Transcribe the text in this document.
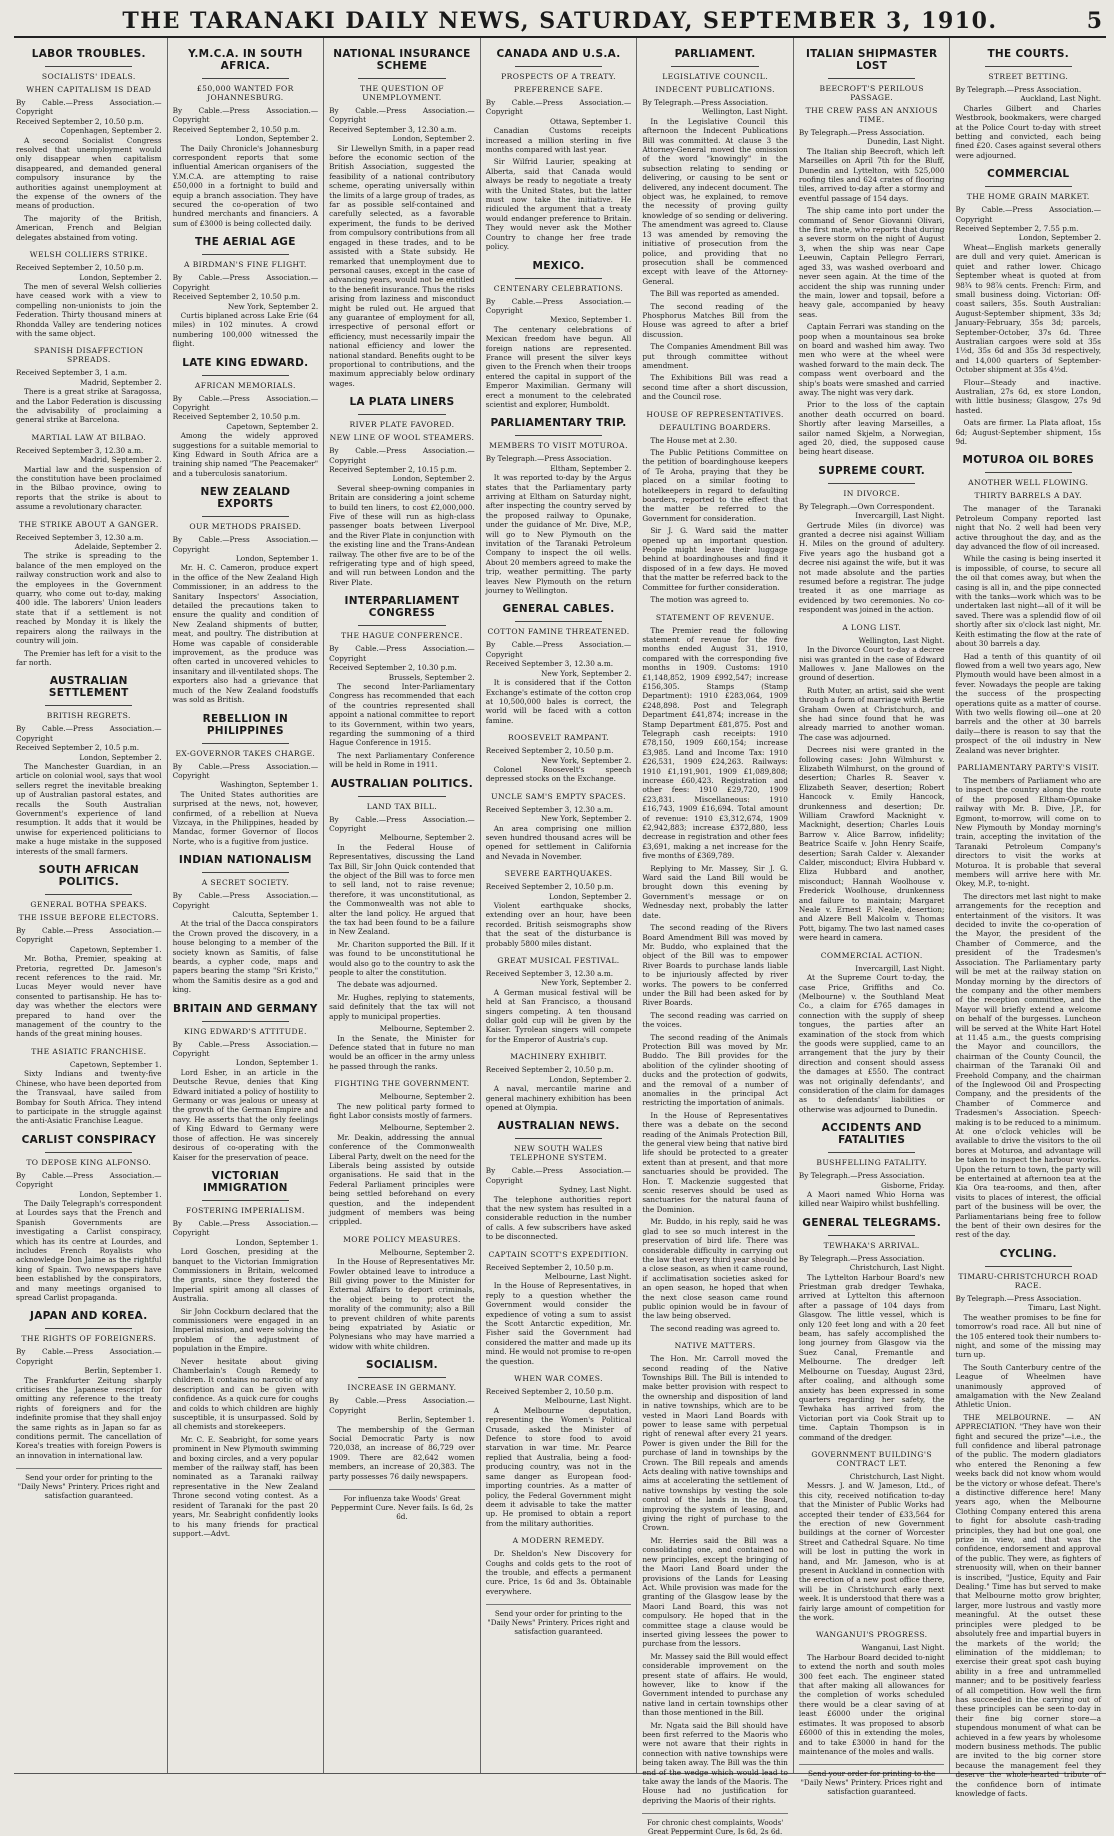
THE TARANAKI DAILY NEWS, SATURDAY, SEPTEMBER 3, 1910.	5
LABOR TROUBLES.
SOCIALISTS' IDEALS.
WHEN CAPITALISM IS DEAD

By Cable.—Press Association.—Copyright

Received September 2, 10.50 p.m.

Copenhagen, September 2.

A second Socialist Congress resolved that unemployment would only disappear when capitalism disappeared, and demanded general compulsory insurance by the authorities against unemployment at the expense of the owners of the means of production.

The majority of the British, American, French and Belgian delegates abstained from voting.

WELSH COLLIERS STRIKE.

Received September 2, 10.50 p.m.

London, September 2.

The men of several Welsh collieries have ceased work with a view to compelling non-unionists to join the Federation. Thirty thousand miners at Rhondda Valley are tendering notices with the same object.

SPANISH DISAFFECTION SPREADS.

Received September 3, 1 a.m.

Madrid, September 2.

There is a great strike at Saragossa, and the Labor Federation is discussing the advisability of proclaiming a general strike at Barcelona.

MARTIAL LAW AT BILBAO.

Received September 3, 12.30 a.m.

Madrid, September 2.

Martial law and the suspension of the constitution have been proclaimed in the Bilbao province, owing to reports that the strike is about to assume a revolutionary character.

THE STRIKE ABOUT A GANGER.

Received September 3, 12.30 a.m.

Adelaide, September 2.

The strike is spreading to the balance of the men employed on the railway construction work and also to the employees in the Government quarry, who come out to-day, making 400 idle. The laborers' Union leaders state that if a settlement is not reached by Monday it is likely the repairers along the railways in the country will join.

The Premier has left for a visit to the far north.

AUSTRALIAN SETTLEMENT
BRITISH REGRETS.

By Cable.—Press Association.—Copyright

Received September 2, 10.5 p.m.

London, September 2.

The Manchester Guardian, in an article on colonial wool, says that wool sellers regret the inevitable breaking up of Australian pastoral estates, and recalls the South Australian Government's experience of land resumption. It adds that it would be unwise for experienced politicians to make a huge mistake in the supposed interests of the small farmers.

SOUTH AFRICAN POLITICS.
GENERAL BOTHA SPEAKS.
THE ISSUE BEFORE ELECTORS.

By Cable.—Press Association.—Copyright

Capetown, September 1.

Mr. Botha, Premier, speaking at Pretoria, regretted Dr. Jameson's recent references to the raid. Mr. Lucas Meyer would never have consented to partisanship. He has to-day was whether the electors were prepared to hand over the management of the country to the hands of the great mining houses.

THE ASIATIC FRANCHISE.

Capetown, September 1.

Sixty Indians and twenty-five Chinese, who have been deported from the Transvaal, have sailed from Bombay for South Africa. They intend to participate in the struggle against the anti-Asiatic Franchise League.

CARLIST CONSPIRACY
TO DEPOSE KING ALFONSO.

By Cable.—Press Association.—Copyright

London, September 1.

The Daily Telegraph's correspondent at Lourdes says that the French and Spanish Governments are investigating a Carlist conspiracy, which has its centre at Lourdes, and includes French Royalists who acknowledge Don Jaime as the rightful king of Spain. Two newspapers have been established by the conspirators, and many meetings organised to spread Carlist propaganda.

JAPAN AND KOREA.
THE RIGHTS OF FOREIGNERS.

By Cable.—Press Association.—Copyright

Berlin, September 1.

The Frankfurter Zeitung sharply criticises the Japanese rescript for omitting any reference to the treaty rights of foreigners and for the indefinite promise that they shall enjoy the same rights as in Japan so far as conditions permit. The cancellation of Korea's treaties with foreign Powers is an innovation in international law.

Send your order for printing to the "Daily News" Printery. Prices right and satisfaction guaranteed.
Y.M.C.A. IN SOUTH AFRICA.
£50,000 WANTED FOR JOHANNESBURG.

By Cable.—Press Association.—Copyright

Received September 2, 10.50 p.m.

London, September 2.

The Daily Chronicle's Johannesburg correspondent reports that some influential American organisers of the Y.M.C.A. are attempting to raise £50,000 in a fortnight to build and equip a branch association. They have secured the co-operation of two hundred merchants and financiers. A sum of £3000 is being collected daily.

THE AERIAL AGE
A BIRDMAN'S FINE FLIGHT.

By Cable.—Press Association.—Copyright

Received September 2, 10.50 p.m.

New York, September 2.

Curtis biplaned across Lake Erie (64 miles) in 102 minutes. A crowd numbering 100,000 witnessed the flight.

LATE KING EDWARD.
AFRICAN MEMORIALS.

By Cable.—Press Association.—Copyright

Received September 2, 10.50 p.m.

Capetown, September 2.

Among the widely approved suggestions for a suitable memorial to King Edward in South Africa are a training ship named "The Peacemaker" and a tuberculosis sanatorium.

NEW ZEALAND EXPORTS
OUR METHODS PRAISED.

By Cable.—Press Association.—Copyright

London, September 1.

Mr. H. C. Cameron, produce expert in the office of the New Zealand High Commissioner, in an address to the Sanitary Inspectors' Association, detailed the precautions taken to ensure the quality and condition of New Zealand shipments of butter, meat, and poultry. The distribution at Home was capable of considerable improvement, as the produce was often carted in uncovered vehicles to insanitary and ill-ventilated shops. The exporters also had a grievance that much of the New Zealand foodstuffs was sold as British.

REBELLION IN PHILIPPINES
EX-GOVERNOR TAKES CHARGE.

By Cable.—Press Association.—Copyright

Washington, September 1.

The United States authorities are surprised at the news, not, however, confirmed, of a rebellion at Nueva Vizcaya, in the Philippines, headed by Mandac, former Governor of Ilocos Norte, who is a fugitive from justice.

INDIAN NATIONALISM
A SECRET SOCIETY.

By Cable.—Press Association.—Copyright

Calcutta, September 1.

At the trial of the Dacca conspirators the Crown proved the discovery, in a house belonging to a member of the society known as Samitis, of false beards, a cypher code, maps and papers bearing the stamp "Sri Kristo," whom the Samitis desire as a god and king.

BRITAIN AND GERMANY
KING EDWARD'S ATTITUDE.

By Cable.—Press Association.—Copyright

London, September 1.

Lord Esher, in an article in the Deutsche Revue, denies that King Edward initiated a policy of hostility to Germany or was jealous or uneasy at the growth of the German Empire and navy. He asserts that the only feelings of King Edward to Germany were those of affection. He was sincerely desirous of co-operating with the Kaiser for the preservation of peace.

VICTORIAN IMMIGRATION
FOSTERING IMPERIALISM.

By Cable.—Press Association.—Copyright

London, September 1.

Lord Goschen, presiding at the banquet to the Victorian Immigration Commissioners in Britain, welcomed the grants, since they fostered the Imperial spirit among all classes of Australia.

Sir John Cockburn declared that the commissioners were engaged in an Imperial mission, and were solving the problem of the adjustment of population in the Empire.

Never hesitate about giving Chamberlain's Cough Remedy to children. It contains no narcotic of any description and can be given with confidence. As a quick cure for coughs and colds to which children are highly susceptible, it is unsurpassed. Sold by all chemists and storekeepers.

Mr. C. E. Seabright, for some years prominent in New Plymouth swimming and boxing circles, and a very popular member of the railway staff, has been nominated as a Taranaki railway representative in the New Zealand Throne second voting contest. As a resident of Taranaki for the past 20 years, Mr. Seabright confidently looks to his many friends for practical support.—Advt.

NATIONAL INSURANCE SCHEME
THE QUESTION OF UNEMPLOYMENT.

By Cable.—Press Association.—Copyright

Received September 3, 12.30 a.m.

London, September 2.

Sir Llewellyn Smith, in a paper read before the economic section of the British Association, suggested the feasibility of a national contributory scheme, operating universally within the limits of a large group of trades, as far as possible self-contained and carefully selected, as a favorable experiment, the funds to be derived from compulsory contributions from all engaged in these trades, and to be assisted with a State subsidy. He remarked that unemployment due to personal causes, except in the case of advancing years, would not be entitled to the benefit insurance. Thus the risks arising from laziness and misconduct might be ruled out. He argued that any guarantee of employment for all, irrespective of personal effort or efficiency, must necessarily impair the national efficiency and lower the national standard. Benefits ought to be proportional to contributions, and the maximum appreciably below ordinary wages.

LA PLATA LINERS
RIVER PLATE FAVORED.
NEW LINE OF WOOL STEAMERS.

By Cable.—Press Association.—Copyright

Received September 2, 10.15 p.m.

London, September 2.

Several sheep-owning companies in Britain are considering a joint scheme to build ten liners, to cost £2,000,000. Five of these will run as high-class passenger boats between Liverpool and the River Plate in conjunction with the existing line and the Trans-Andean railway. The other five are to be of the refrigerating type and of high speed, and will run between London and the River Plate.

INTERPARLIAMENT CONGRESS
THE HAGUE CONFERENCE.

By Cable.—Press Association.—Copyright

Received September 2, 10.30 p.m.

Brussels, September 2.

The second Inter-Parliamentary Congress has recommended that each of the countries represented shall appoint a national committee to report to its Government, within two years, regarding the summoning of a third Hague Conference in 1915.

The next Parliamentary Conference will be held in Rome in 1911.

AUSTRALIAN POLITICS.
LAND TAX BILL.

By Cable.—Press Association.—Copyright

Melbourne, September 2.

In the Federal House of Representatives, discussing the Land Tax Bill, Sir John Quick contended that the object of the Bill was to force men to sell land, not to raise revenue; therefore, it was unconstitutional, as the Commonwealth was not able to alter the land policy. He argued that the tax had been found to be a failure in New Zealand.

Mr. Chariton supported the Bill. If it was found to be unconstitutional he would also go to the country to ask the people to alter the constitution.

The debate was adjourned.

Mr. Hughes, replying to statements, said definitely that the tax will not apply to municipal properties.

Melbourne, September 2.

In the Senate, the Minister for Defence stated that in future no man would be an officer in the army unless he passed through the ranks.

FIGHTING THE GOVERNMENT.

Melbourne, September 2.

The new political party formed to fight Labor consists mostly of farmers.

Melbourne, September 2.

Mr. Deakin, addressing the annual conference of the Commonwealth Liberal Party, dwelt on the need for the Liberals being assisted by outside organisations. He said that in the Federal Parliament principles were being settled beforehand on every question, and the independent judgment of members was being crippled.

MORE POLICY MEASURES.

Melbourne, September 2.

In the House of Representatives Mr. Fowler obtained leave to introduce a Bill giving power to the Minister for External Affairs to deport criminals, the object being to protect the morality of the community; also a Bill to prevent children of white parents being expatriated by Asiatic or Polynesians who may have married a widow with white children.

SOCIALISM.
INCREASE IN GERMANY.

By Cable.—Press Association.—Copyright

Berlin, September 1.

The membership of the German Social Democratic Party is now 720,038, an increase of 86,729 over 1909. There are 82,642 women members, an increase of 20,383. The party possesses 76 daily newspapers.

For influenza take Woods' Great Peppermint Cure. Never fails. Is 6d, 2s 6d.
CANADA AND U.S.A.
PROSPECTS OF A TREATY.
PREFERENCE SAFE.

By Cable.—Press Association.—Copyright

Ottawa, September 1.

Canadian Customs receipts increased a million sterling in five months compared with last year.

Sir Wilfrid Laurier, speaking at Alberta, said that Canada would always be ready to negotiate a treaty with the United States, but the latter must now take the initiative. He ridiculed the argument that a treaty would endanger preference to Britain. They would never ask the Mother Country to change her free trade policy.

MEXICO.
CENTENARY CELEBRATIONS.

By Cable.—Press Association.—Copyright

Mexico, September 1.

The centenary celebrations of Mexican freedom have begun. All foreign nations are represented. France will present the silver keys given to the French when their troops entered the capital in support of the Emperor Maximilian. Germany will erect a monument to the celebrated scientist and explorer, Humboldt.

PARLIAMENTARY TRIP.
MEMBERS TO VISIT MOTUROA.

By Telegraph.—Press Association.

Eltham, September 2.

It was reported to-day by the Argus states that the Parliamentary party arriving at Eltham on Saturday night, after inspecting the country served by the proposed railway to Opunake, under the guidance of Mr. Dive, M.P., will go to New Plymouth on the invitation of the Taranaki Petroleum Company to inspect the oil wells. About 20 members agreed to make the trip, weather permitting. The party leaves New Plymouth on the return journey to Wellington.

GENERAL CABLES.
COTTON FAMINE THREATENED.

By Cable.—Press Association.—Copyright

Received September 3, 12.30 a.m.

New York, September 2.

It is considered that if the Cotton Exchange's estimate of the cotton crop at 10,500,000 bales is correct, the world will be faced with a cotton famine.

ROOSEVELT RAMPANT.

Received September 2, 10.50 p.m.

New York, September 2.

Colonel Roosevelt's speech depressed stocks on the Exchange.

UNCLE SAM'S EMPTY SPACES.

Received September 3, 12.30 a.m.

New York, September 2.

An area comprising one million seven hundred thousand acres will be opened for settlement in California and Nevada in November.

SEVERE EARTHQUAKES.

Received September 2, 10.50 p.m.

London, September 2.

Violent earthquake shocks, extending over an hour, have been recorded. British seismographs show that the seat of the disturbance is probably 5800 miles distant.

GREAT MUSICAL FESTIVAL.

Received September 3, 12.30 a.m.

New York, September 2.

A German musical festival will be held at San Francisco, a thousand singers competing. A ten thousand dollar gold cup will be given by the Kaiser. Tyrolean singers will compete for the Emperor of Austria's cup.

MACHINERY EXHIBIT.

Received September 2, 10.50 p.m.

London, September 2.

A naval, mercantile marine and general machinery exhibition has been opened at Olympia.

AUSTRALIAN NEWS.
NEW SOUTH WALES TELEPHONE SYSTEM.

By Cable.—Press Association.—Copyright

Sydney, Last Night.

The telephone authorities report that the new system has resulted in a considerable reduction in the number of calls. A few subscribers have asked to be disconnected.

CAPTAIN SCOTT'S EXPEDITION.

Received September 2, 10.50 p.m.

Melbourne, Last Night.

In the House of Representatives, in reply to a question whether the Government would consider the expedience of voting a sum to assist the Scott Antarctic expedition, Mr. Fisher said the Government had considered the matter and made up its mind. He would not promise to re-open the question.

WHEN WAR COMES.

Received September 2, 10.50 p.m.

Melbourne, Last Night.

A Melbourne deputation, representing the Women's Political Crusade, asked the Minister of Defence to store food to avoid starvation in war time. Mr. Pearce replied that Australia, being a food-producing country, was not in the same danger as European food-importing countries. As a matter of policy, the Federal Government might deem it advisable to take the matter up. He promised to obtain a report from the military authorities.

A MODERN REMEDY.

Dr. Sheldon's New Discovery for Coughs and colds gets to the root of the trouble, and effects a permanent cure. Price, 1s 6d and 3s. Obtainable everywhere.

Send your order for printing to the "Daily News" Printery. Prices right and satisfaction guaranteed.
PARLIAMENT.
LEGISLATIVE COUNCIL.
INDECENT PUBLICATIONS.

By Telegraph.—Press Association.

Wellington, Last Night.

In the Legislative Council this afternoon the Indecent Publications Bill was committed. At clause 3 the Attorney-General moved the omission of the word "knowingly" in the subsection relating to sending or delivering, or causing to be sent or delivered, any indecent document. The object was, he explained, to remove the necessity of proving guilty knowledge of so sending or delivering. The amendment was agreed to. Clause 13 was amended by removing the initiative of prosecution from the police, and providing that no prosecution shall be commenced except with leave of the Attorney-General.

The Bill was reported as amended.

The second reading of the Phosphorus Matches Bill from the House was agreed to after a brief discussion.

The Companies Amendment Bill was put through committee without amendment.

The Exhibitions Bill was read a second time after a short discussion, and the Council rose.

HOUSE OF REPRESENTATIVES.
DEFAULTING BOARDERS.

The House met at 2.30.

The Public Petitions Committee on the petition of boardinghouse keepers of Te Aroha, praying that they be placed on a similar footing to hotelkeepers in regard to defaulting boarders, reported to the effect that the matter be referred to the Government for consideration.

Sir J. G. Ward said the matter opened up an important question. People might leave their luggage behind at boardinghouses and find it disposed of in a few days. He moved that the matter be referred back to the Committee for further consideration.

The motion was agreed to.

STATEMENT OF REVENUE.

The Premier read the following statement of revenue for the five months ended August 31, 1910, compared with the corresponding five months in 1909. Customs: 1910 £1,148,852, 1909 £992,547; increase £156,305. Stamps (Stamp Department): 1910 £283,064, 1909 £248,898. Post and Telegraph Department £41,874; increase in the Stamp Department £81,875. Post and Telegraph cash receipts: 1910 £78,150, 1909 £60,154; increase £3,985. Land and Income Tax: 1910 £26,531, 1909 £24,263. Railways: 1910 £1,191,901, 1909 £1,089,808; increase £60,423. Registration and other fees: 1910 £29,720, 1909 £23,831. Miscellaneous: 1910 £16,743, 1909 £16,694. Total amount of revenue: 1910 £3,312,674, 1909 £2,942,883; increase £372,880, less decrease in registration and other fees £3,691, making a net increase for the five months of £369,789.

Replying to Mr. Massey, Sir J. G. Ward said the Land Bill would be brought down this evening by Government's message or on Wednesday next, probably the latter date.

The second reading of the Rivers Board Amendment Bill was moved by Mr. Buddo, who explained that the object of the Bill was to empower River Boards to purchase lands liable to be injuriously affected by river works. The powers to be conferred under the Bill had been asked for by River Boards.

The second reading was carried on the voices.

The second reading of the Animals Protection Bill was moved by Mr. Buddo. The Bill provides for the abolition of the cylinder shooting of ducks and the protection of godwits, and the removal of a number of anomalies in the principal Act restricting the importation of animals.

In the House of Representatives there was a debate on the second reading of the Animals Protection Bill, the general view being that native bird life should be protected to a greater extent than at present, and that more sanctuaries should be provided. The Hon. T. Mackenzie suggested that scenic reserves should be used as sanctuaries for the natural fauna of the Dominion.

Mr. Buddo, in his reply, said he was glad to see so much interest in the preservation of bird life. There was considerable difficulty in carrying out the law that every third year should be a close season, as when it came round, if acclimatisation societies asked for an open season, he hoped that when the next close season came round public opinion would be in favour of the law being observed.

The second reading was agreed to.

NATIVE MATTERS.

The Hon. Mr. Carroll moved the second reading of the Native Townships Bill. The Bill is intended to make better provision with respect to the ownership and disposition of land in native townships, which are to be vested in Maori Land Boards with power to lease same with perpetual right of renewal after every 21 years. Power is given under the Bill for the purchase of land in townships by the Crown. The Bill repeals and amends Acts dealing with native townships and aims at accelerating the settlement of native townships by vesting the sole control of the lands in the Board, improving the system of leasing, and giving the right of purchase to the Crown.

Mr. Herries said the Bill was a consolidating one, and contained no new principles, except the bringing of the Maori Land Board under the provisions of the Lands for Leasing Act. While provision was made for the granting of the Glasgow lease by the Maori Land Board, this was not compulsory. He hoped that in the committee stage a clause would be inserted giving lessees the power to purchase from the lessors.

Mr. Massey said the Bill would effect considerable improvement on the present state of affairs. He would, however, like to know if the Government intended to purchase any native land in certain townships other than those mentioned in the Bill.

Mr. Ngata said the Bill should have been first referred to the Maoris who were not aware that their rights in connection with native townships were being taken away. The Bill was the thin end of the wedge which would lead to take away the lands of the Maoris. The House had no justification for depriving the Maoris of their rights.

For chronic chest complaints, Woods' Great Peppermint Cure, Is 6d, 2s 6d.
ITALIAN SHIPMASTER LOST
BEECROFT'S PERILOUS PASSAGE.
THE CREW PASS AN ANXIOUS TIME.

By Telegraph.—Press Association.

Dunedin, Last Night.

The Italian ship Beecroft, which left Marseilles on April 7th for the Bluff, Dunedin and Lyttelton, with 525,000 roofing tiles and 624 crates of flooring tiles, arrived to-day after a stormy and eventful passage of 154 days.

The ship came into port under the command of Senor Giovanni Olivari, the first mate, who reports that during a severe storm on the night of August 3, when the ship was near Cape Leeuwin, Captain Pellegro Ferrari, aged 33, was washed overboard and never seen again. At the time of the accident the ship was running under the main, lower and topsail, before a heavy gale, accompanied by heavy seas.

Captain Ferrari was standing on the poop when a mountainous sea broke on board and washed him away. Two men who were at the wheel were washed forward to the main deck. The compass went overboard and the ship's boats were smashed and carried away. The night was very dark.

Prior to the loss of the captain another death occurred on board. Shortly after leaving Marseilles, a sailor named Skjelm, a Norwegian, aged 20, died, the supposed cause being heart disease.

SUPREME COURT.
IN DIVORCE.

By Telegraph.—Own Correspondent.

Invercargill, Last Night.

Gertrude Miles (in divorce) was granted a decree nisi against William H. Miles on the ground of adultery. Five years ago the husband got a decree nisi against the wife, but it was not made absolute and the parties resumed before a registrar. The judge treated it as one marriage as evidenced by two ceremonies. No co-respondent was joined in the action.

A LONG LIST.

Wellington, Last Night.

In the Divorce Court to-day a decree nisi was granted in the case of Edward Mallowes v. Jane Mallowes on the ground of desertion.

Ruth Muter, an artist, said she went through a form of marriage with Bertie Graham Owen at Christchurch, and she had since found that he was already married to another woman. The case was adjourned.

Decrees nisi were granted in the following cases: John Wilmhurst v. Elizabeth Wilmhurst, on the ground of desertion; Charles R. Seaver v. Elizabeth Seaver, desertion; Robert Hancock v. Emily Hancock, drunkenness and desertion; Dr. William Crawford Macknight v. Macknight, desertion; Charles Louis Barrow v. Alice Barrow, infidelity; Beatrice Scaife v. John Henry Scaife, desertion; Sarah Calder v. Alexander Calder, misconduct; Elvira Hubbard v. Eliza Hubbard and another, misconduct; Hannah Woolhouse v. Frederick Woolhouse, drunkenness and failure to maintain; Margaret Neale v. Ernest F. Neale, desertion; and Alzere Bell Malcolm v. Thomas Pott, bigamy. The two last named cases were heard in camera.

COMMERCIAL ACTION.

Invercargill, Last Night.

At the Supreme Court to-day, the case Price, Griffiths and Co. (Melbourne) v. the Southland Meat Co., a claim for £765 damages in connection with the supply of sheep tongues, the parties after an examination of the stock from which the goods were supplied, came to an arrangement that the jury by their direction and consent should assess the damages at £550. The contract was not originally defendants', and consideration of the claim for damages as to defendants' liabilities or otherwise was adjourned to Dunedin.

ACCIDENTS AND FATALITIES
BUSHFELLING FATALITY.

By Telegraph.—Press Association.

Gisborne, Friday.

A Maori named Whio Horna was killed near Waipiro whilst bushfelling.

GENERAL TELEGRAMS.
TEWHAKA'S ARRIVAL.

By Telegraph.—Press Association.

Christchurch, Last Night.

The Lyttelton Harbour Board's new Priestman grab dredger Tewhaka, arrived at Lyttelton this afternoon after a passage of 104 days from Glasgow. The little vessel, which is only 120 feet long and with a 20 feet beam, has safely accomplished the long journey from Glasgow via the Suez Canal, Fremantle and Melbourne. The dredger left Melbourne on Tuesday, August 23rd, after coaling, and although some anxiety has been expressed in some quarters regarding her safety, the Tewhaka has arrived from the Victorian port via Cook Strait up to time. Captain Thompson is in command of the dredger.

GOVERNMENT BUILDING'S CONTRACT LET.

Christchurch, Last Night.

Messrs. J. and W. Jameson, Ltd., of this city, received notification to-day that the Minister of Public Works had accepted their tender of £33,564 for the erection of new Government buildings at the corner of Worcester Street and Cathedral Square. No time will be lost in putting the work in hand, and Mr. Jameson, who is at present in Auckland in connection with the erection of a new post office there, will be in Christchurch early next week. It is understood that there was a fairly large amount of competition for the work.

WANGANUI'S PROGRESS.

Wanganui, Last Night.

The Harbour Board decided to-night to extend the north and south moles 300 feet each. The engineer stated that after making all allowances for the completion of works scheduled there would be a clear saving of at least £6000 under the original estimates. It was proposed to absorb £6000 of this in extending the moles, and to take £3000 in hand for the maintenance of the moles and walls.

Send your order for printing to the "Daily News" Printery. Prices right and satisfaction guaranteed.
THE COURTS.
STREET BETTING.

By Telegraph.—Press Association.

Auckland, Last Night.

Charles Gilbert and Charles Westbrook, bookmakers, were charged at the Police Court to-day with street betting and convicted, each being fined £20. Cases against several others were adjourned.

COMMERCIAL
THE HOME GRAIN MARKET.

By Cable.—Press Association.—Copyright

Received September 2, 7.55 p.m.

London, September 2.

Wheat—English markets generally are dull and very quiet. American is quiet and rather lower. Chicago September wheat is quoted at from 98¾ to 98⅞ cents. French: Firm, and small business doing. Victorian: Off-coast sailers, 35s. South Australian: August-September shipment, 33s 3d; January-February, 35s 3d; parcels, September-October, 37s 6d. Three Australian cargoes were sold at 35s 1½d, 35s 6d and 35s 3d respectively, and 14,000 quarters of September-October shipment at 35s 4½d.

Flour—Steady and inactive. Australian, 27s 6d, ex store London, with little business; Glasgow, 27s 9d hasted.

Oats are firmer. La Plata afloat, 15s 6d; August-September shipment, 15s 9d.

MOTUROA OIL BORES
ANOTHER WELL FLOWING.
THIRTY BARRELS A DAY.

The manager of the Taranaki Petroleum Company reported last night that No. 2 well had been very active throughout the day, and as the day advanced the flow of oil increased.

While the casing is being inserted it is impossible, of course, to secure all the oil that comes away, but when the casing is all in, and the pipe connected with the tanks—work which was to be undertaken last night—all of it will be saved. There was a splendid flow of oil shortly after six o'clock last night, Mr. Keith estimating the flow at the rate of about 30 barrels a day.

Had a tenth of this quantity of oil flowed from a well two years ago, New Plymouth would have been almost in a fever. Nowadays the people are taking the success of the prospecting operations quite as a matter of course. With two wells flowing oil—one at 20 barrels and the other at 30 barrels daily—there is reason to say that the prospect of the oil industry in New Zealand was never brighter.

PARLIAMENTARY PARTY'S VISIT.

The members of Parliament who are to inspect the country along the route of the proposed Eltham-Opunake railway with Mr. B. Dive, J.P., for Egmont, to-morrow, will come on to New Plymouth by Monday morning's train, accepting the invitation of the Taranaki Petroleum Company's directors to visit the works at Moturoa. It is probable that several members will arrive here with Mr. Okey, M.P., to-night.

The directors met last night to make arrangements for the reception and entertainment of the visitors. It was decided to invite the co-operation of the Mayor, the president of the Chamber of Commerce, and the president of the Tradesmen's Association. The Parliamentary party will be met at the railway station on Monday morning by the directors of the company and the other members of the reception committee, and the Mayor will briefly extend a welcome on behalf of the burgesses. Luncheon will be served at the White Hart Hotel at 11.45 a.m., the guests comprising the Mayor and councillors, the chairman of the County Council, the chairman of the Taranaki Oil and Freehold Company, and the chairman of the Inglewood Oil and Prospecting Company, and the presidents of the Chamber of Commerce and Tradesmen's Association. Speech-making is to be reduced to a minimum. At one o'clock vehicles will be available to drive the visitors to the oil bores at Moturoa, and advantage will be taken to inspect the harbour works. Upon the return to town, the party will be entertained at afternoon tea at the Kia Ora tea-rooms, and then, after visits to places of interest, the official part of the business will be over, the Parliamentarians being free to follow the bent of their own desires for the rest of the day.

CYCLING.
TIMARU-CHRISTCHURCH ROAD RACE.

By Telegraph.—Press Association.

Timaru, Last Night.

The weather promises to be fine for tomorrow's road race. All but nine of the 105 entered took their numbers to-night, and some of the missing may turn up.

The South Canterbury centre of the League of Wheelmen have unanimously approved of amalgamation with the New Zealand Athletic Union.

THE MELBOURNE. — AN APPRECIATION. "They have won their fight and secured the prize"—i.e., the full confidence and liberal patronage of the public. The modern gladiators who entered the Renoning a few weeks back did not know whom would be the victory or whose defeat. There's a distinctive difference here! Many years ago, when the Melbourne Clothing Company entered this arena to fight for absolute cash-trading principles, they had but one goal, one prize in view, and that was the confidence, endorsement and approval of the public. They were, as fighters of strenuosity will, when on their banner is inscribed, "Justice, Equity and Fair Dealing." Time has but served to make that Melbourne motto grow brighter, larger, more lustrous and vastly more meaningful. At the outset these principles were pledged to be absolutely free and impartial buyers in the markets of the world; the elimination of the middleman; to exercise their great spot cash buying ability in a free and untrammelled manner; and to be positively fearless of all competition. How well the firm has succeeded in the carrying out of these principles can be seen to-day in their fine big corner store—a stupendous monument of what can be achieved in a few years by wholesome modern business methods. The public are invited to the big corner store because the management feel they deserve the whole-hearted tribute of the confidence born of intimate knowledge of facts.
